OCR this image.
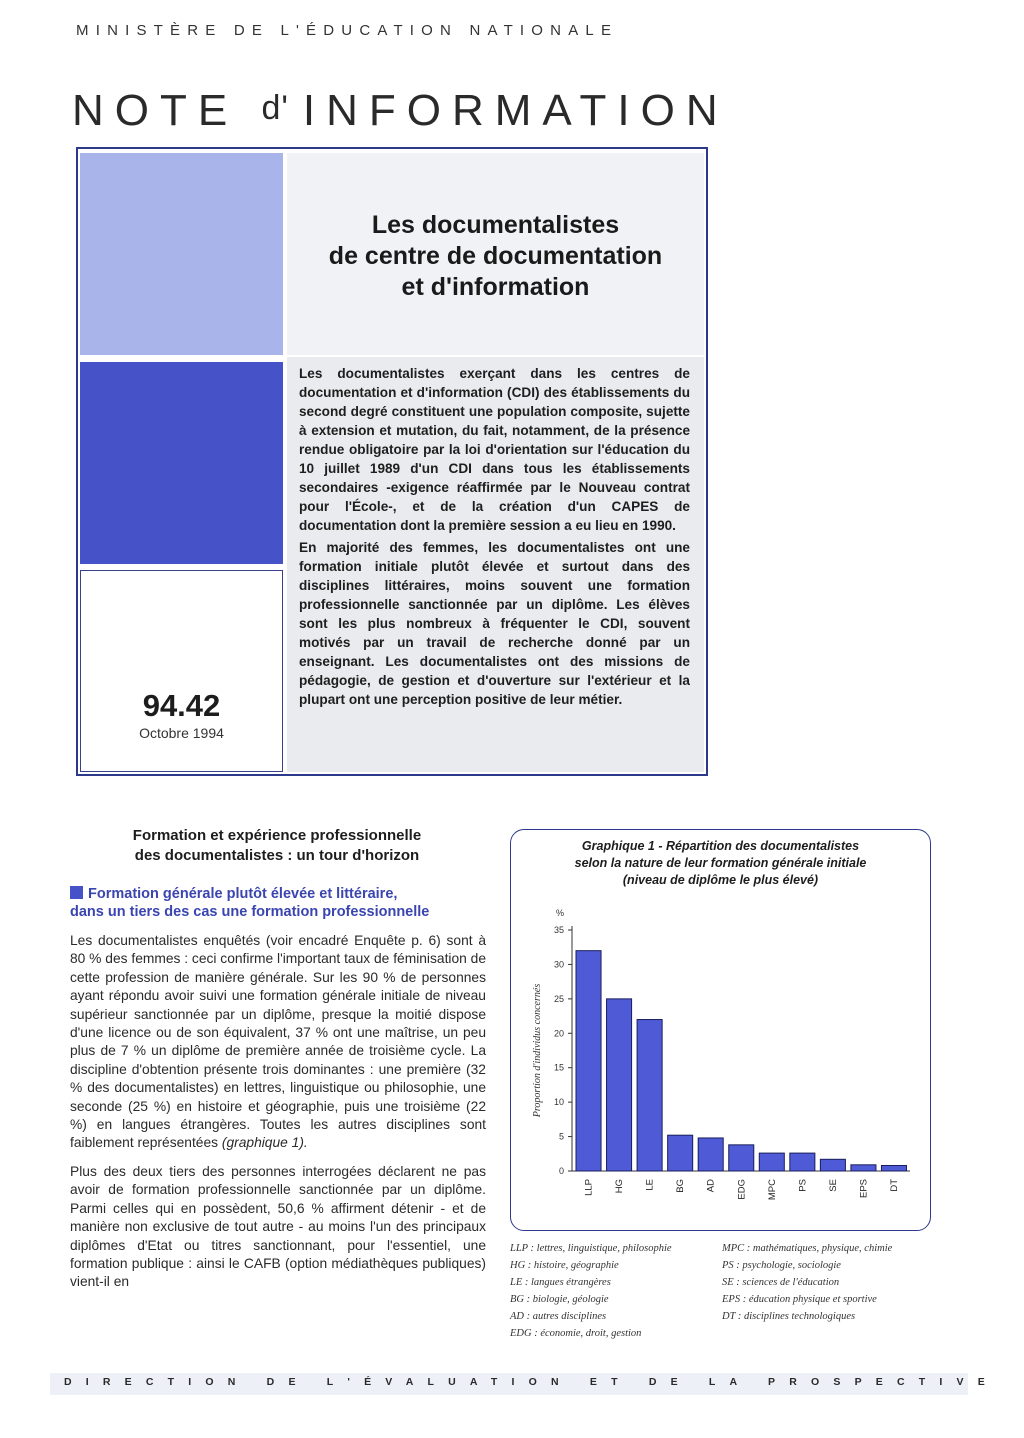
MINISTÈRE DE L'ÉDUCATION NATIONALE
NOTE d' INFORMATION
94.42
Octobre 1994
Les documentalistes
de centre de documentation
et d'information

Les documentalistes exerçant dans les centres de documentation et d'information (CDI) des établissements du second degré constituent une population composite, sujette à extension et mutation, du fait, notamment, de la présence rendue obligatoire par la loi d'orientation sur l'éducation du 10 juillet 1989 d'un CDI dans tous les établissements secondaires -exigence réaffirmée par le Nouveau contrat pour l'École-, et de la création d'un CAPES de documentation dont la première session a eu lieu en 1990.

En majorité des femmes, les documentalistes ont une formation initiale plutôt élevée et surtout dans des disciplines littéraires, moins souvent une formation professionnelle sanctionnée par un diplôme. Les élèves sont les plus nombreux à fréquenter le CDI, souvent motivés par un travail de recherche donné par un enseignant. Les documentalistes ont des missions de pédagogie, de gestion et d'ouverture sur l'extérieur et la plupart ont une perception positive de leur métier.

Formation et expérience professionnelle
des documentalistes : un tour d'horizon
Formation générale plutôt élevée et littéraire,
dans un tiers des cas une formation professionnelle

Les documentalistes enquêtés (voir encadré Enquête p. 6) sont à 80 % des femmes : ceci confirme l'important taux de féminisation de cette profession de manière générale. Sur les 90 % de personnes ayant répondu avoir suivi une formation générale initiale de niveau supérieur sanctionnée par un diplôme, presque la moitié dispose d'une licence ou de son équivalent, 37 % ont une maîtrise, un peu plus de 7 % un diplôme de première année de troisième cycle. La discipline d'obtention présente trois dominantes : une première (32 % des documentalistes) en lettres, linguistique ou philosophie, une seconde (25 %) en histoire et géographie, puis une troisième (22 %) en langues étrangères. Toutes les autres disciplines sont faiblement représentées (graphique 1).

Plus des deux tiers des personnes interrogées déclarent ne pas avoir de formation professionnelle sanctionnée par un diplôme. Parmi celles qui en possèdent, 50,6 % affirment détenir - et de manière non exclusive de tout autre - au moins l'un des principaux diplômes d'Etat ou titres sanctionnant, pour l'essentiel, une formation publique : ainsi le CAFB (option médiathèques publiques) vient-il en

Graphique 1 - Répartition des documentalistes
selon la nature de leur formation générale initiale
(niveau de diplôme le plus élevé)
%
0
5
10
15
20
25
30
35
Proportion d'individus concernés
LLP HG LE BG AD EDG MPC PS SE EPS DT
LLP : lettres, linguistique, philosophie
HG : histoire, géographie
LE : langues étrangères
BG : biologie, géologie
AD : autres disciplines
EDG : économie, droit, gestion
MPC : mathématiques, physique, chimie
PS : psychologie, sociologie
SE : sciences de l'éducation
EPS : éducation physique et sportive
DT : disciplines technologiques
DIRECTION DE L'ÉVALUATION ET DE LA PROSPECTIVE
